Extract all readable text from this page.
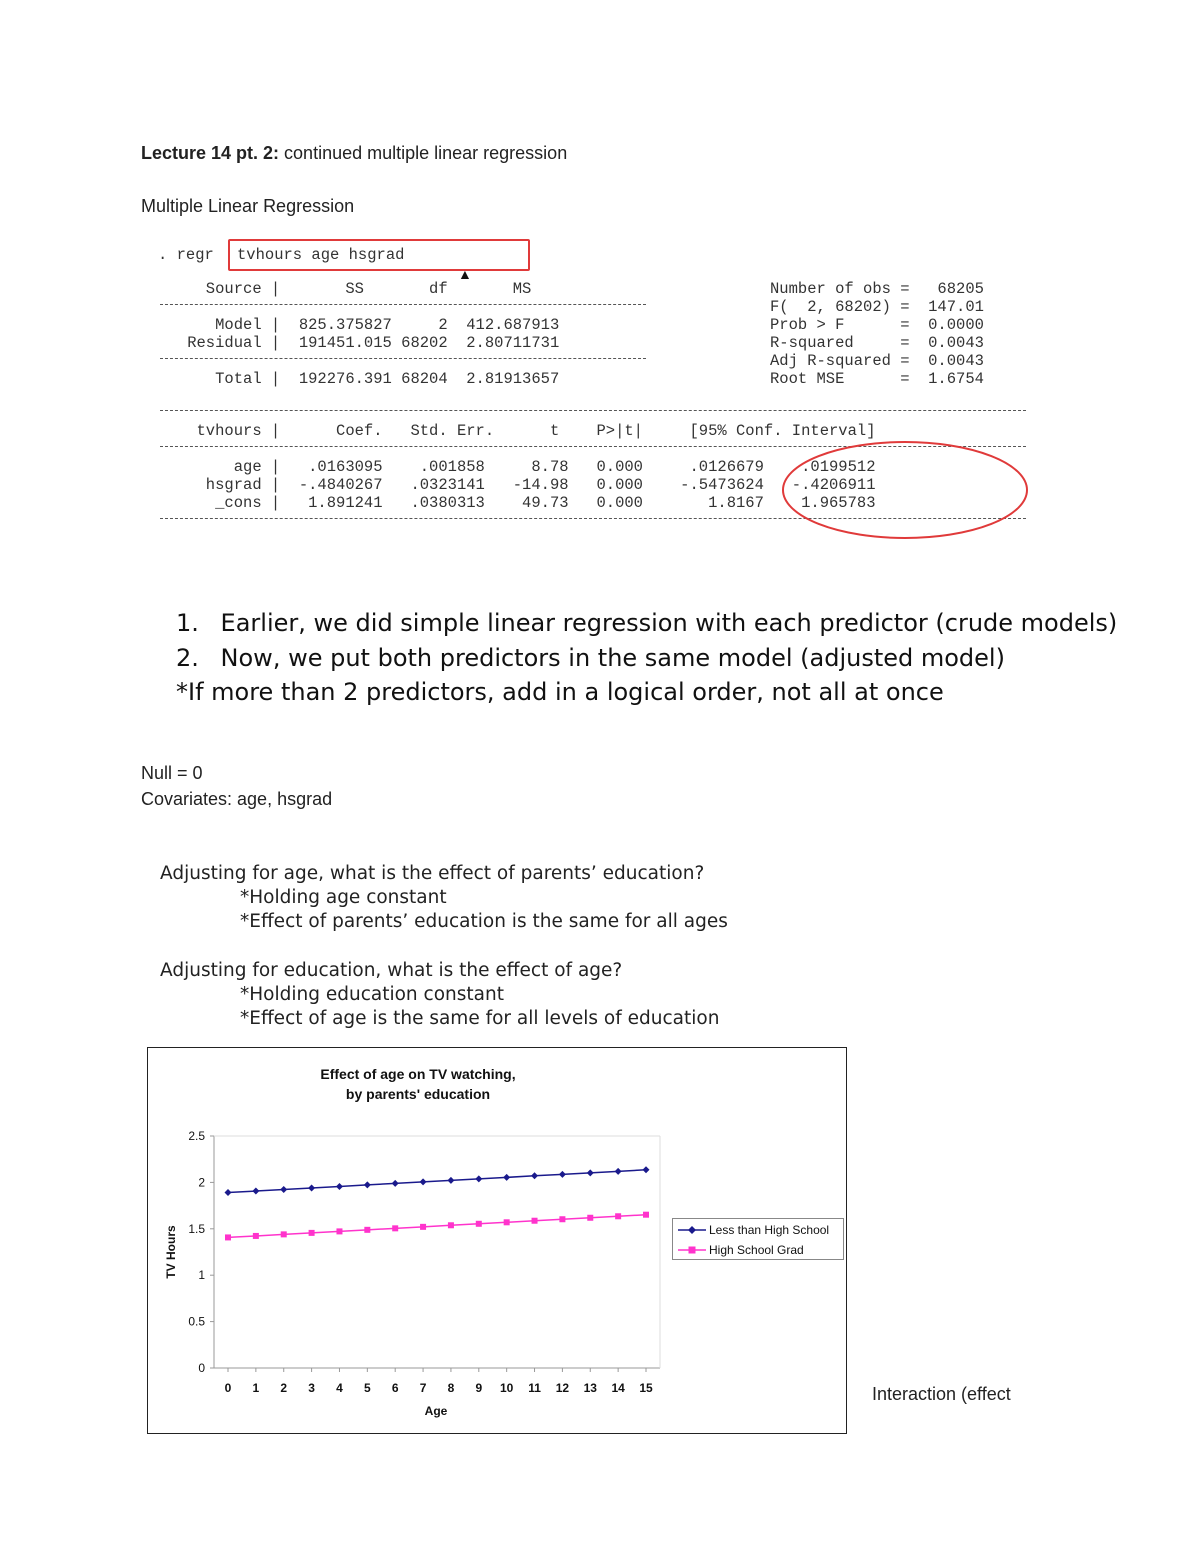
Lecture 14 pt. 2: continued multiple linear regression
Multiple Linear Regression
. regr tvhours age hsgrad
▲
Source |       SS       df       MS
Model |  825.375827     2  412.687913
Residual |  191451.015 68202  2.80711731
Total |  192276.391 68204  2.81913657
Number of obs =   68205
F(  2, 68202) =  147.01
Prob > F      =  0.0000
R-squared     =  0.0043
Adj R-squared =  0.0043
Root MSE      =  1.6754
tvhours |      Coef.   Std. Err.      t    P>|t|     [95% Conf. Interval]
age |   .0163095    .001858     8.78   0.000     .0126679    .0199512
hsgrad |  -.4840267   .0323141   -14.98   0.000    -.5473624   -.4206911
_cons |   1.891241   .0380313    49.73   0.000       1.8167    1.965783
1. Earlier, we did simple linear regression with each predictor (crude models)
2. Now, we put both predictors in the same model (adjusted model)
*If more than 2 predictors, add in a logical order, not all at once
Null = 0
Covariates: age, hsgrad
Adjusting for age, what is the effect of parents’ education?
*Holding age constant
*Effect of parents’ education is the same for all ages
Adjusting for education, what is the effect of age?
*Holding education constant
*Effect of age is the same for all levels of education
Effect of age on TV watching,
by parents' education
0
0.5
1
1.5
2
2.5
0 1 2 3 4 5 6 7 8 9 10 11 12 13 14 15
Age
TV Hours	Less than High School
High School Grad
Interaction (effect
